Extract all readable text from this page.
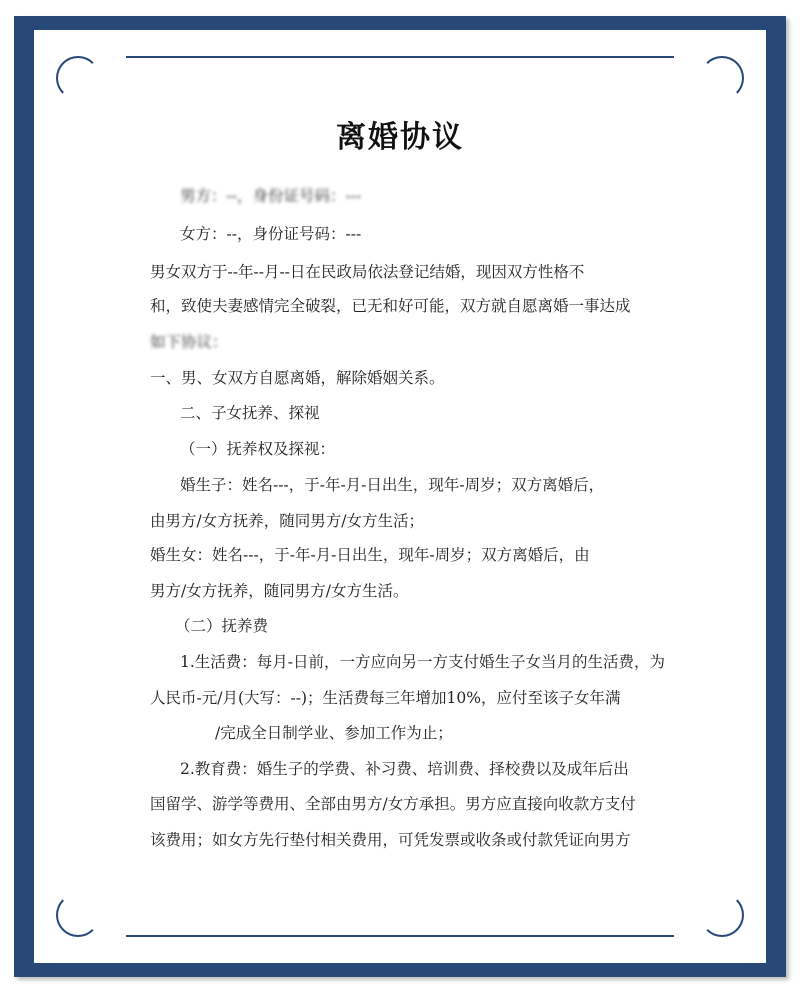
离婚协议
男方：--，身份证号码：---
女方：--，身份证号码：---
男女双方于--年--月--日在民政局依法登记结婚，现因双方性格不
和，致使夫妻感情完全破裂，已无和好可能，双方就自愿离婚一事达成
如下协议：
一、男、女双方自愿离婚，解除婚姻关系。
二、子女抚养、探视
（一）抚养权及探视：
婚生子：姓名---，于-年-月-日出生，现年-周岁；双方离婚后，
由男方/女方抚养，随同男方/女方生活；
婚生女：姓名---，于-年-月-日出生，现年-周岁；双方离婚后，由
男方/女方抚养，随同男方/女方生活。
（二）抚养费
1.生活费：每月-日前，一方应向另一方支付婚生子女当月的生活费，为
人民币-元/月(大写：--)；生活费每三年增加10%，应付至该子女年满
/完成全日制学业、参加工作为止；
2.教育费：婚生子的学费、补习费、培训费、择校费以及成年后出
国留学、游学等费用、全部由男方/女方承担。男方应直接向收款方支付
该费用；如女方先行垫付相关费用，可凭发票或收条或付款凭证向男方
